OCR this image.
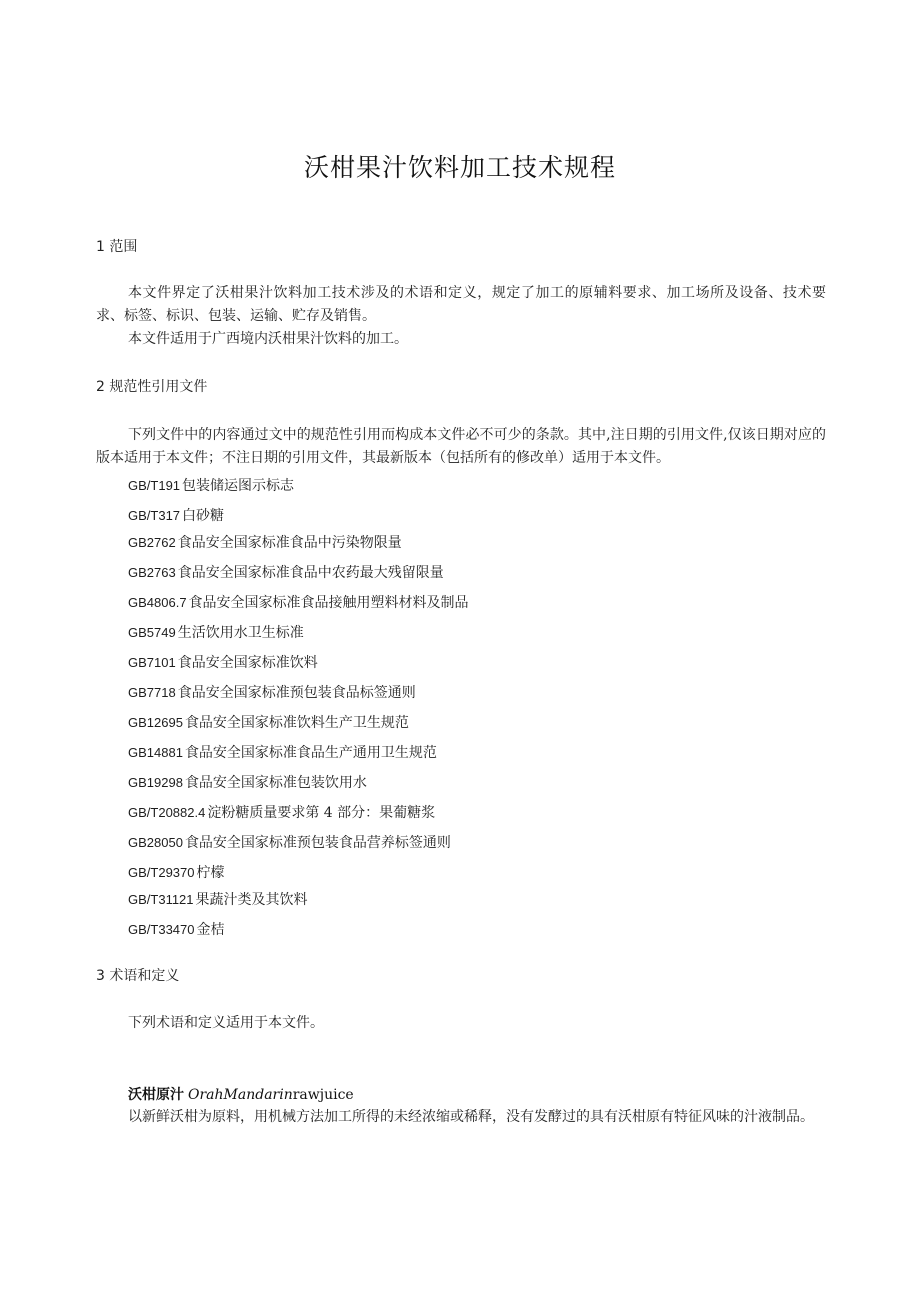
沃柑果汁饮料加工技术规程
1 范围
本文件界定了沃柑果汁饮料加工技术涉及的术语和定义，规定了加工的原辅料要求、加工场所及设备、技术要求、标签、标识、包装、运输、贮存及销售。
本文件适用于广西境内沃柑果汁饮料的加工。
2 规范性引用文件
下列文件中的内容通过文中的规范性引用而构成本文件必不可少的条款。其中,注日期的引用文件,仅该日期对应的版本适用于本文件；不注日期的引用文件，其最新版本（包括所有的修改单）适用于本文件。
GB/T191 包装储运图示标志
GB/T317 白砂糖
GB2762 食品安全国家标准食品中污染物限量
GB2763 食品安全国家标准食品中农药最大残留限量
GB4806.7 食品安全国家标准食品接触用塑料材料及制品
GB5749 生活饮用水卫生标准
GB7101 食品安全国家标准饮料
GB7718 食品安全国家标准预包装食品标签通则
GB12695 食品安全国家标准饮料生产卫生规范
GB14881 食品安全国家标准食品生产通用卫生规范
GB19298 食品安全国家标准包装饮用水
GB/T20882.4 淀粉糖质量要求第 4 部分：果葡糖浆
GB28050 食品安全国家标准预包装食品营养标签通则
GB/T29370 柠檬
GB/T31121 果蔬汁类及其饮料
GB/T33470 金桔
3 术语和定义
下列术语和定义适用于本文件。
沃柑原汁 OrahMandarinrawjuice
以新鲜沃柑为原料，用机械方法加工所得的未经浓缩或稀释，没有发酵过的具有沃柑原有特征风味的汁液制品。
